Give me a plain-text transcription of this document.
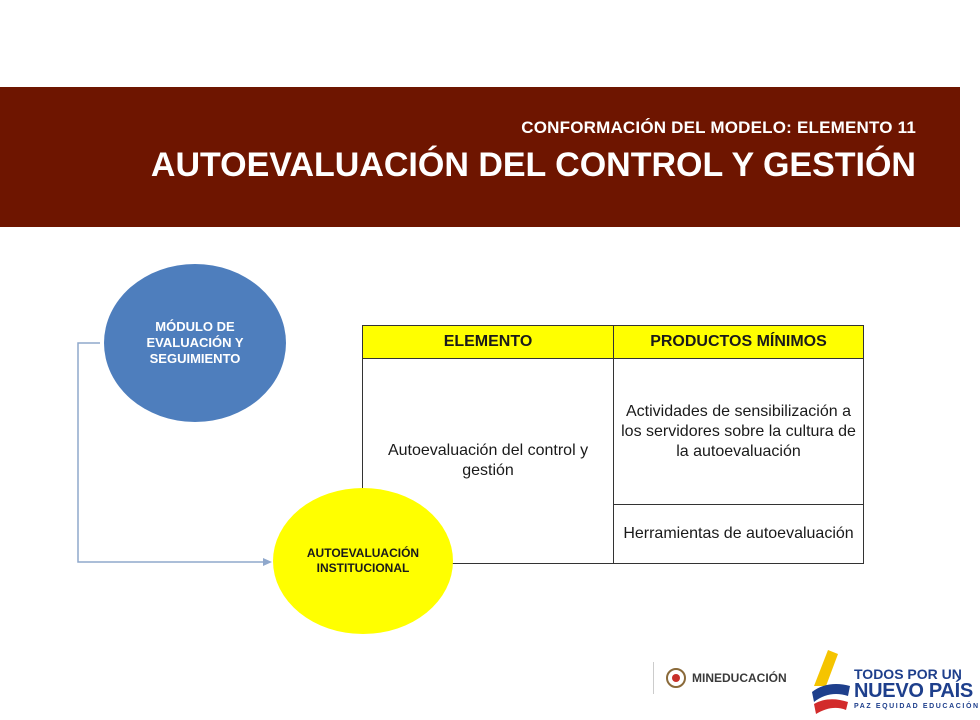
CONFORMACIÓN DEL MODELO: ELEMENTO 11
AUTOEVALUACIÓN DEL CONTROL Y GESTIÓN
MÓDULO DE EVALUACIÓN Y SEGUIMIENTO
ELEMENTO	PRODUCTOS MÍNIMOS
Autoevaluación del control y gestión	Actividades de sensibilización a los servidores sobre la cultura de la autoevaluación
	Herramientas de autoevaluación
AUTOEVALUACIÓN INSTITUCIONAL
MINEDUCACIÓN	TODOS POR UN
NUEVO PAÍS
PAZ EQUIDAD EDUCACIÓN
